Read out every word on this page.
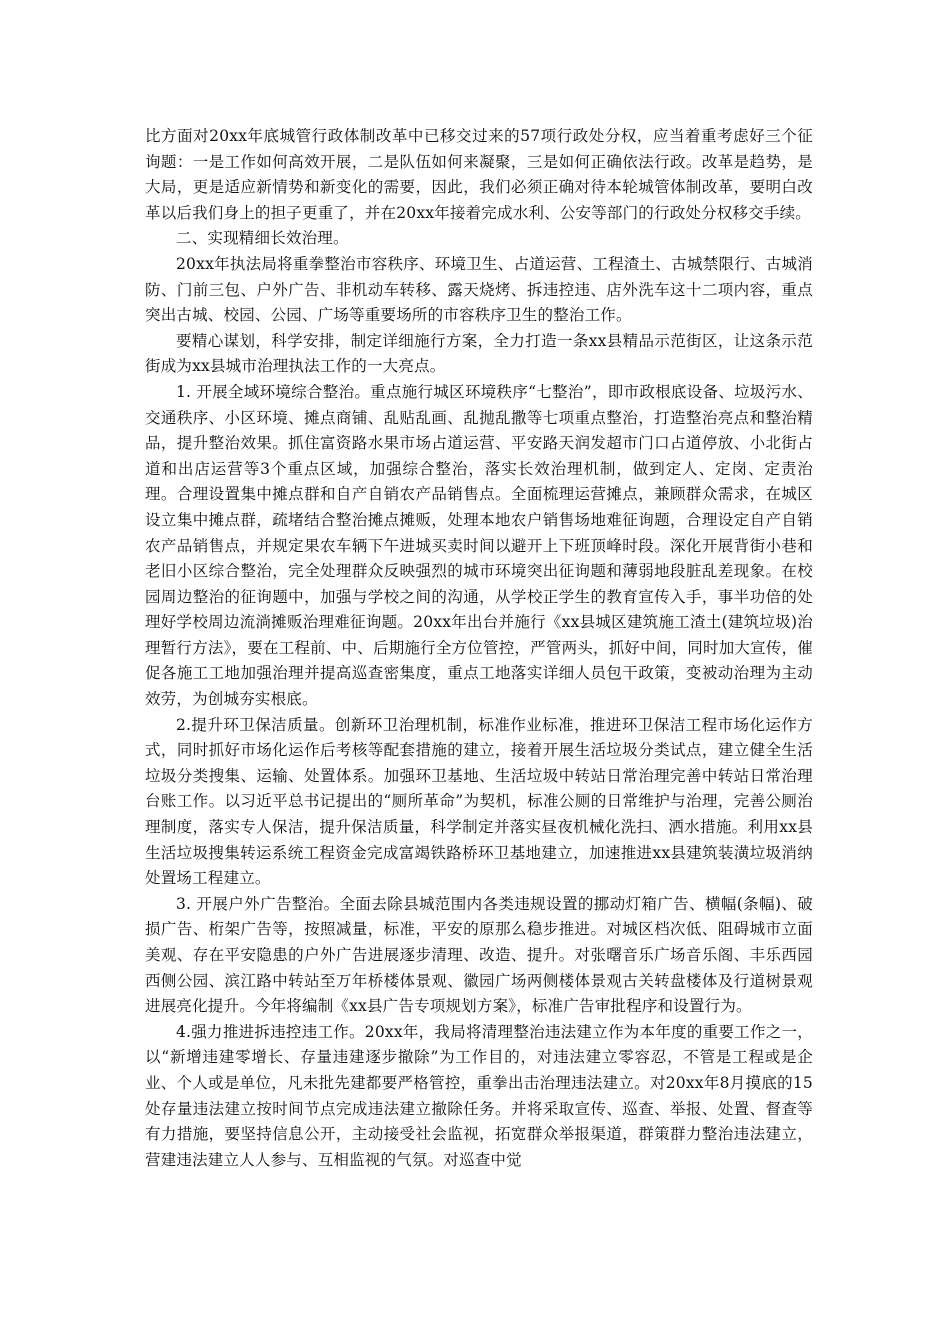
比方面对20xx年底城管行政体制改革中已移交过来的57项行政处分权，应当着重考虑好三个征询题：一是工作如何高效开展，二是队伍如何来凝聚，三是如何正确依法行政。改革是趋势，是大局，更是适应新情势和新变化的需要，因此，我们必须正确对待本轮城管体制改革，要明白改革以后我们身上的担子更重了，并在20xx年接着完成水利、公安等部门的行政处分权移交手续。

二、实现精细长效治理。

20xx年执法局将重拳整治市容秩序、环境卫生、占道运营、工程渣土、古城禁限行、古城消防、门前三包、户外广告、非机动车转移、露天烧烤、拆违控违、店外洗车这十二项内容，重点突出古城、校园、公园、广场等重要场所的市容秩序卫生的整治工作。

要精心谋划，科学安排，制定详细施行方案，全力打造一条xx县精品示范街区，让这条示范街成为xx县城市治理执法工作的一大亮点。

1. 开展全域环境综合整治。重点施行城区环境秩序“七整治”，即市政根底设备、垃圾污水、交通秩序、小区环境、摊点商铺、乱贴乱画、乱抛乱撒等七项重点整治，打造整治亮点和整治精品，提升整治效果。抓住富资路水果市场占道运营、平安路天润发超市门口占道停放、小北街占道和出店运营等3个重点区域，加强综合整治，落实长效治理机制，做到定人、定岗、定责治理。合理设置集中摊点群和自产自销农产品销售点。全面梳理运营摊点，兼顾群众需求，在城区设立集中摊点群，疏堵结合整治摊点摊贩，处理本地农户销售场地难征询题，合理设定自产自销农产品销售点，并规定果农车辆下午进城买卖时间以避开上下班顶峰时段。深化开展背街小巷和老旧小区综合整治，完全处理群众反映强烈的城市环境突出征询题和薄弱地段脏乱差现象。在校园周边整治的征询题中，加强与学校之间的沟通，从学校正学生的教育宣传入手，事半功倍的处理好学校周边流淌摊贩治理难征询题。20xx年出台并施行《xx县城区建筑施工渣土(建筑垃圾)治理暂行方法》，要在工程前、中、后期施行全方位管控，严管两头，抓好中间，同时加大宣传，催促各施工工地加强治理并提高巡查密集度，重点工地落实详细人员包干政策，变被动治理为主动效劳，为创城夯实根底。

2.提升环卫保洁质量。创新环卫治理机制，标准作业标准，推进环卫保洁工程市场化运作方式，同时抓好市场化运作后考核等配套措施的建立，接着开展生活垃圾分类试点，建立健全生活垃圾分类搜集、运输、处置体系。加强环卫基地、生活垃圾中转站日常治理完善中转站日常治理台账工作。以习近平总书记提出的“厕所革命”为契机，标准公厕的日常维护与治理，完善公厕治理制度，落实专人保洁，提升保洁质量，科学制定并落实昼夜机械化洗扫、洒水措施。利用xx县生活垃圾搜集转运系统工程资金完成富竭铁路桥环卫基地建立，加速推进xx县建筑装潢垃圾消纳处置场工程建立。

3. 开展户外广告整治。全面去除县城范围内各类违规设置的挪动灯箱广告、横幅(条幅)、破损广告、桁架广告等，按照减量，标准，平安的原那么稳步推进。对城区档次低、阻碍城市立面美观、存在平安隐患的户外广告进展逐步清理、改造、提升。对张曙音乐广场音乐阁、丰乐西园西侧公园、滨江路中转站至万年桥楼体景观、徽园广场两侧楼体景观古关转盘楼体及行道树景观进展亮化提升。今年将编制《xx县广告专项规划方案》，标准广告审批程序和设置行为。

4.强力推进拆违控违工作。20xx年，我局将清理整治违法建立作为本年度的重要工作之一，以“新增违建零增长、存量违建逐步撤除”为工作目的，对违法建立零容忍，不管是工程或是企业、个人或是单位，凡未批先建都要严格管控，重拳出击治理违法建立。对20xx年8月摸底的15处存量违法建立按时间节点完成违法建立撤除任务。并将采取宣传、巡查、举报、处置、督查等有力措施，要坚持信息公开，主动接受社会监视，拓宽群众举报渠道，群策群力整治违法建立，营建违法建立人人参与、互相监视的气氛。对巡查中觉
